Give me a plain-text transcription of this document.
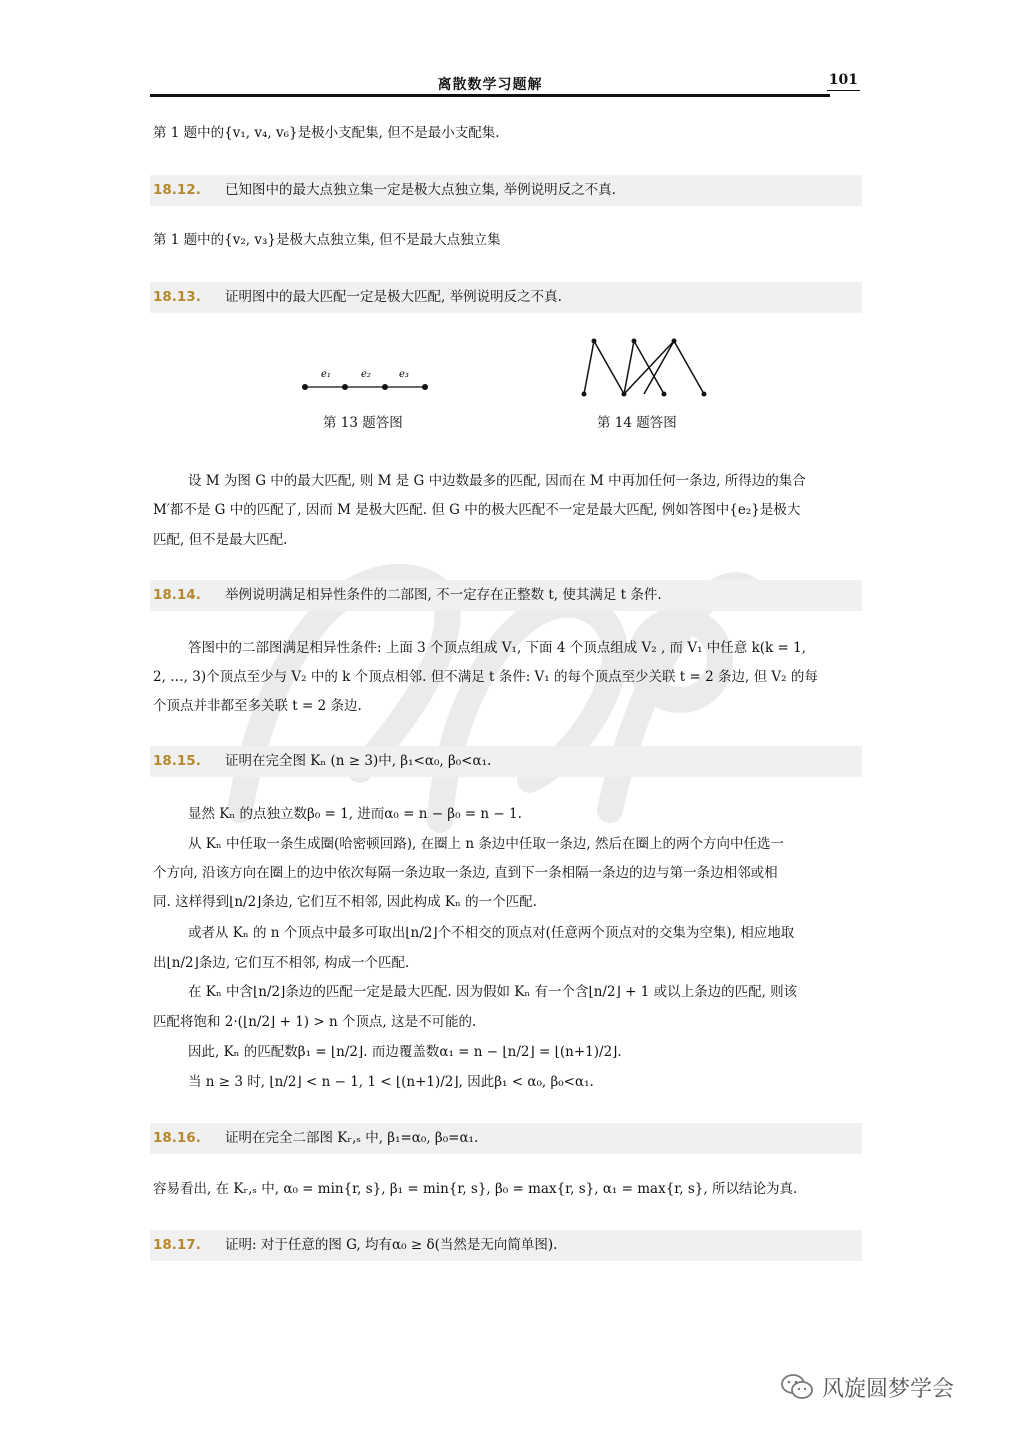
离散数学习题解	101
第 1 题中的{v₁, v₄, v₆}是极小支配集, 但不是最小支配集.
18.12. 已知图中的最大点独立集一定是极大点独立集, 举例说明反之不真.
第 1 题中的{v₂, v₃}是极大点独立集, 但不是最大点独立集
18.13. 证明图中的最大匹配一定是极大匹配, 举例说明反之不真.
e₁	e₂	e₃
第 13 题答图	第 14 题答图
设 M 为图 G 中的最大匹配, 则 M 是 G 中边数最多的匹配, 因而在 M 中再加任何一条边, 所得边的集合
M′都不是 G 中的匹配了, 因而 M 是极大匹配. 但 G 中的极大匹配不一定是最大匹配, 例如答图中{e₂}是极大
匹配, 但不是最大匹配.
18.14. 举例说明满足相异性条件的二部图, 不一定存在正整数 t, 使其满足 t 条件.
答图中的二部图满足相异性条件: 上面 3 个顶点组成 V₁, 下面 4 个顶点组成 V₂ , 而 V₁ 中任意 k(k = 1,
2, …, 3)个顶点至少与 V₂ 中的 k 个顶点相邻. 但不满足 t 条件: V₁ 的每个顶点至少关联 t = 2 条边, 但 V₂ 的每
个顶点并非都至多关联 t = 2 条边.
18.15. 证明在完全图 Kₙ (n ≥ 3)中, β₁<α₀, β₀<α₁.
显然 Kₙ 的点独立数β₀ = 1, 进而α₀ = n − β₀ = n − 1.
从 Kₙ 中任取一条生成圈(哈密顿回路), 在圈上 n 条边中任取一条边, 然后在圈上的两个方向中任选一
个方向, 沿该方向在圈上的边中依次每隔一条边取一条边, 直到下一条相隔一条边的边与第一条边相邻或相
同. 这样得到⌊n/2⌋条边, 它们互不相邻, 因此构成 Kₙ 的一个匹配.
或者从 Kₙ 的 n 个顶点中最多可取出⌊n/2⌋个不相交的顶点对(任意两个顶点对的交集为空集), 相应地取
出⌊n/2⌋条边, 它们互不相邻, 构成一个匹配.
在 Kₙ 中含⌊n/2⌋条边的匹配一定是最大匹配. 因为假如 Kₙ 有一个含⌊n/2⌋ + 1 或以上条边的匹配, 则该
匹配将饱和 2·(⌊n/2⌋ + 1) > n 个顶点, 这是不可能的.
因此, Kₙ 的匹配数β₁ = ⌊n/2⌋. 而边覆盖数α₁ = n − ⌊n/2⌋ = ⌊(n+1)/2⌋.
当 n ≥ 3 时, ⌊n/2⌋ < n − 1, 1 < ⌊(n+1)/2⌋, 因此β₁ < α₀, β₀<α₁.
18.16. 证明在完全二部图 Kᵣ,ₛ 中, β₁=α₀, β₀=α₁.
容易看出, 在 Kᵣ,ₛ 中, α₀ = min{r, s}, β₁ = min{r, s}, β₀ = max{r, s}, α₁ = max{r, s}, 所以结论为真.
18.17. 证明: 对于任意的图 G, 均有α₀ ≥ δ(当然是无向简单图).
风旋圆梦学会
